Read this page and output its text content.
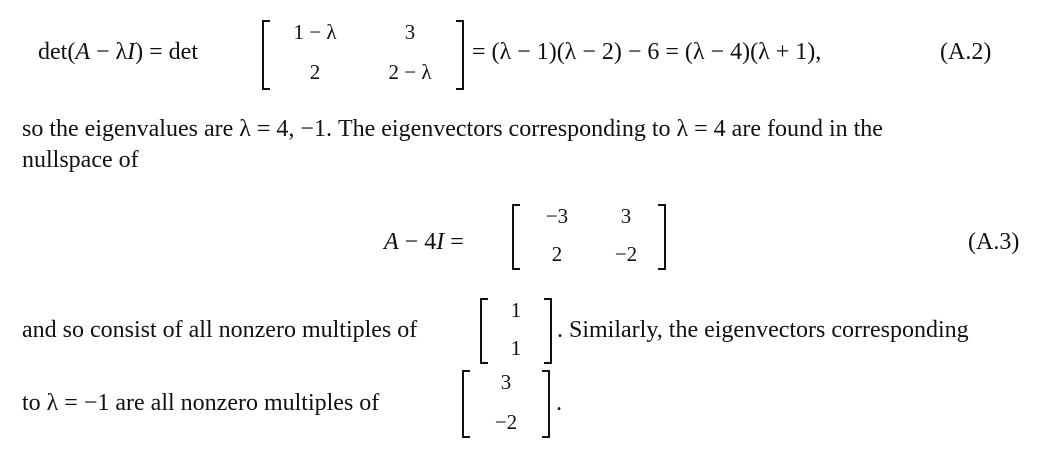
det(A − λI) = det
1 − λ	3
2	2 − λ
= (λ − 1)(λ − 2) − 6 = (λ − 4)(λ + 1),	(A.2)
so the eigenvalues are λ = 4, −1. The eigenvectors corresponding to λ = 4 are found in the
nullspace of
A − 4I =
−3	3
2	−2	(A.3)
and so consist of all nonzero multiples of
1
1
. Similarly, the eigenvectors corresponding
to λ = −1 are all nonzero multiples of
3
−2
.
